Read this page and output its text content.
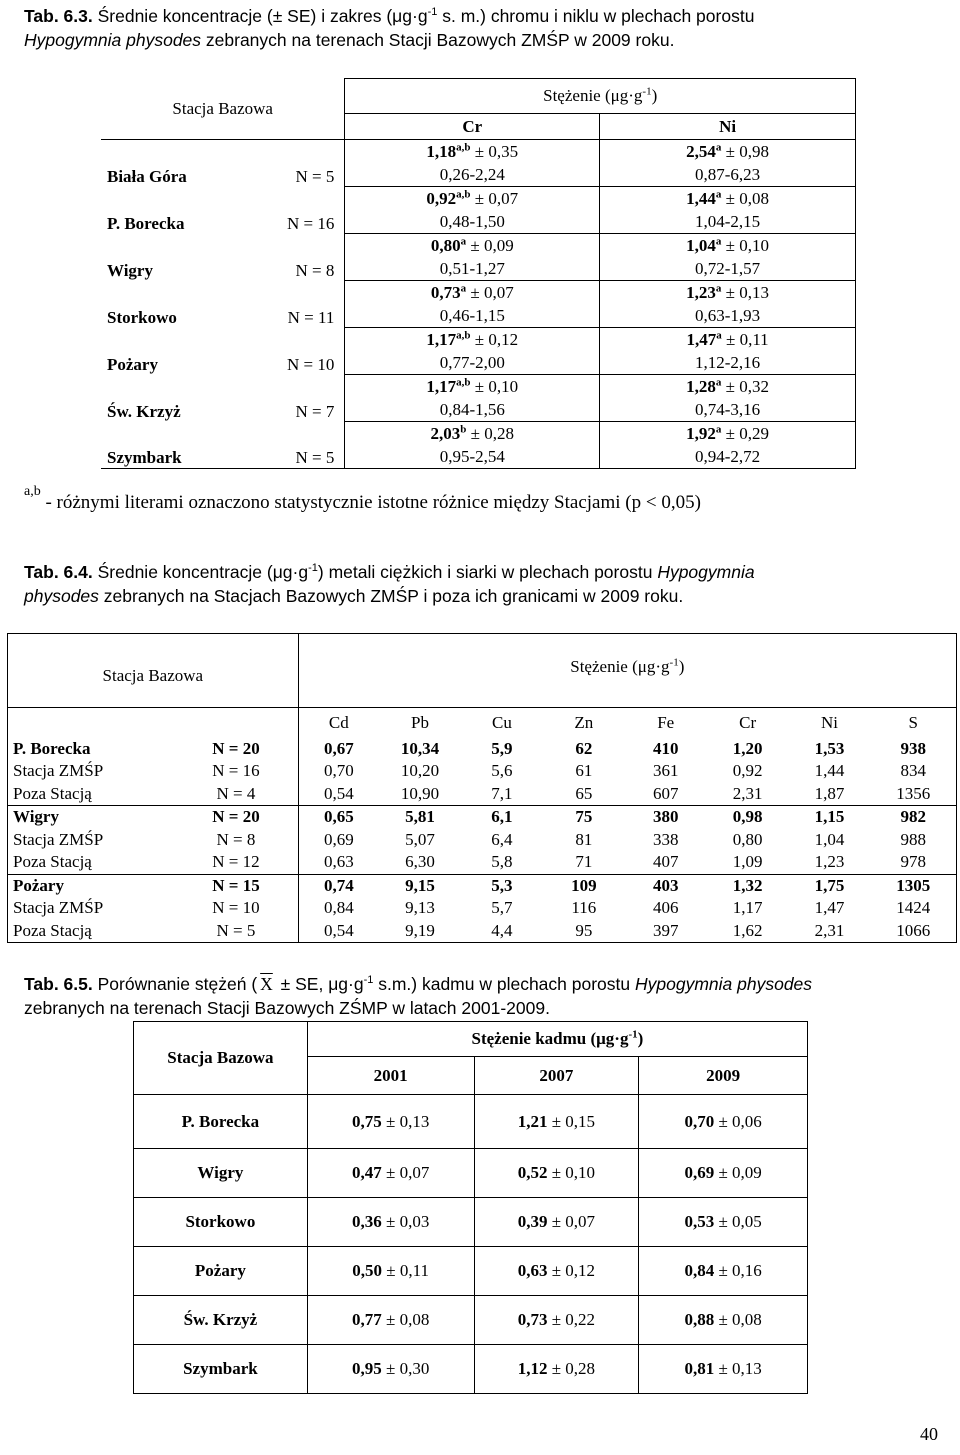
Tab. 6.3. Średnie koncentracje (± SE) i zakres ($\mu g\cdot g^{-1}$ s. m.) chromu i niklu w plechach porostu
Hypogymnia physodes zebranych na terenach Stacji Bazowych ZMŚP w 2009 roku.
Stacja Bazowa		Stężenie $(\mu g\cdot g^{-1})$	
		Cr	Ni
Biała Góra	N = 5	$1,18^{a,b} \pm 0,35$	2,54$^a$ ± 0,98
		0,26-2,24	0,87-6,23
P. Borecka	N = 16	$0,92^{a,b} \pm 0,07$	1,44$^a$ ± 0,08
		0,48-1,50	1,04-2,15
Wigry	N = 8	0,80$^a$ ± 0,09	1,04$^a$ ± 0,10
		0,51-1,27	0,72-1,57
Storkowo	N = 11	0,73$^a$ ± 0,07	1,23$^a$ ± 0,13
		0,46-1,15	0,63-1,93
Pożary	N = 10	$1,17^{a,b} \pm 0,12$	1,47$^a$ ± 0,11
		0,77-2,00	1,12-2,16
Św. Krzyż	N = 7	$1,17^{a,b} \pm 0,10$	1,28$^a$ ± 0,32
		0,84-1,56	0,74-3,16
Szymbark	N = 5	2,03$^b$ ± 0,28	1,92$^a$ ± 0,29
		0,95-2,54	0,94-2,72
$^{a,b}$ - różnymi literami oznaczono statystycznie istotne różnice między Stacjami (p < 0,05)
Tab. 6.4. Średnie koncentracje $(\mu g\cdot g^{-1})$ metali ciężkich i siarki w plechach porostu Hypogymnia
physodes zebranych na Stacjach Bazowych ZMŚP i poza ich granicami w 2009 roku.
Stacja Bazowa		Stężenie $(\mu g\cdot g^{-1})$							
		Cd	Pb	Cu	Zn	Fe	Cr	Ni	S
P. Borecka	N = 20	0,67	10,34	5,9	62	410	1,20	1,53	938
Stacja ZMŚP	N = 16	0,70	10,20	5,6	61	361	0,92	1,44	834
Poza Stacją	N = 4	0,54	10,90	7,1	65	607	2,31	1,87	1356
Wigry	N = 20	0,65	5,81	6,1	75	380	0,98	1,15	982
Stacja ZMŚP	N = 8	0,69	5,07	6,4	81	338	0,80	1,04	988
Poza Stacją	N = 12	0,63	6,30	5,8	71	407	1,09	1,23	978
Pożary	N = 15	0,74	9,15	5,3	109	403	1,32	1,75	1305
Stacja ZMŚP	N = 10	0,84	9,13	5,7	116	406	1,17	1,47	1424
Poza Stacją	N = 5	0,54	9,19	4,4	95	397	1,62	2,31	1066
Tab. 6.5. Porównanie stężeń ( $\overline{X}$ ± SE, $\mu g\cdot g^{-1}$ s.m.) kadmu w plechach porostu Hypogymnia physodes
zebranych na terenach Stacji Bazowych ZŚMP w latach 2001-2009.
Stacja Bazowa	Stężenie kadmu $(\mu g\cdot g^{-1})$		
	2001	2007	2009
P. Borecka	0,75 ± 0,13	1,21 ± 0,15	0,70 ± 0,06
Wigry	0,47 ± 0,07	0,52 ± 0,10	0,69 ± 0,09
Storkowo	0,36 ± 0,03	0,39 ± 0,07	0,53 ± 0,05
Pożary	0,50 ± 0,11	0,63 ± 0,12	0,84 ± 0,16
Św. Krzyż	0,77 ± 0,08	0,73 ± 0,22	0,88 ± 0,08
Szymbark	0,95 ± 0,30	1,12 ± 0,28	0,81 ± 0,13
40
